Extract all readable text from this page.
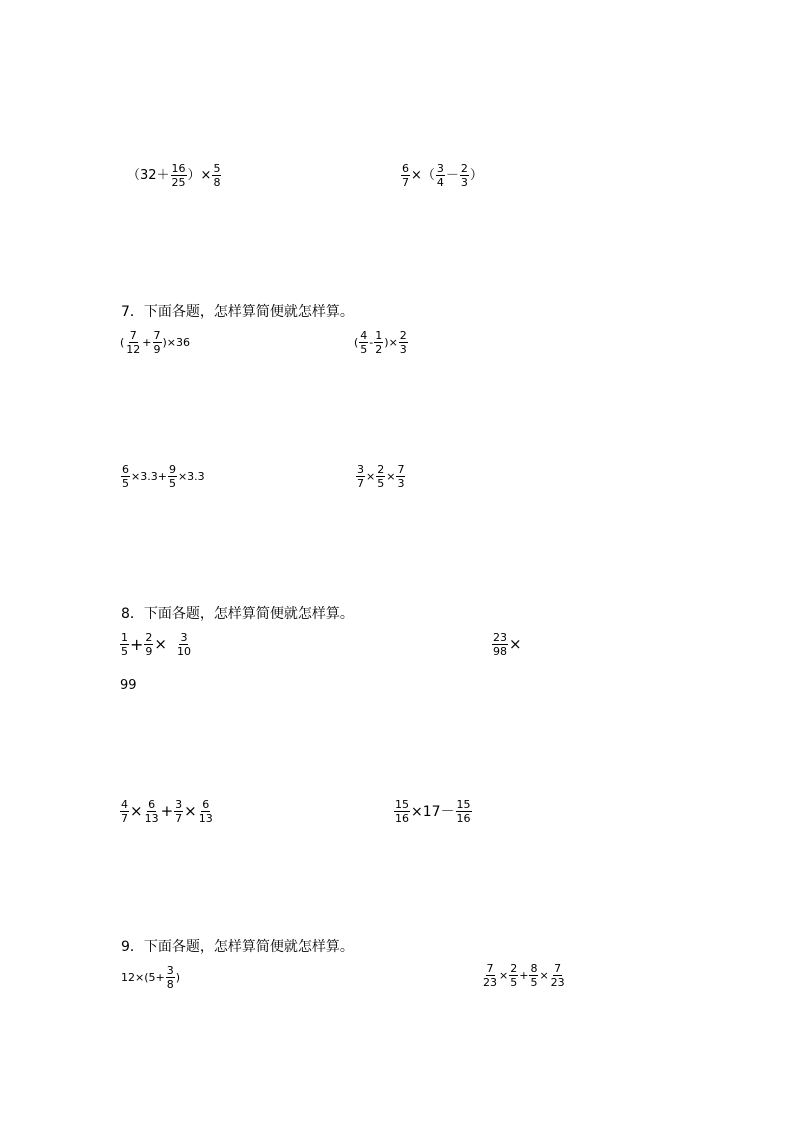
（$32+ \frac{16}{25}$ ）× $\frac{5}{8}$	$\frac{6}{7}$ ×（ $\frac{3}{4} - \frac{2}{3}$ ）
7．下面各题，怎样算简便就怎样算。
( $\frac{7}{12} + \frac{7}{9} )\times 36$	( $\frac{4}{5} - \frac{1}{2}$ )× $\frac{2}{3}$
$\frac{6}{5} \times 3.3+ \frac{9}{5} \times 3.3$	$\frac{3}{7} \times \frac{2}{5} \times \frac{7}{3}$
8．下面各题，怎样算简便就怎样算。
$\frac{1}{5} + \frac{2}{9} \times \frac{3}{10}$	$\frac{23}{98}$ ×
99
$\frac{4}{7} \times \frac{6}{13} + \frac{3}{7} \times \frac{6}{13}$	$\frac{15}{16} \times 17- \frac{15}{16}$
9．下面各题，怎样算简便就怎样算。
$12\times(5+ \frac{3}{8}$ )	$\frac{7}{23} \times \frac{2}{5} + \frac{8}{5} \times \frac{7}{23}$
